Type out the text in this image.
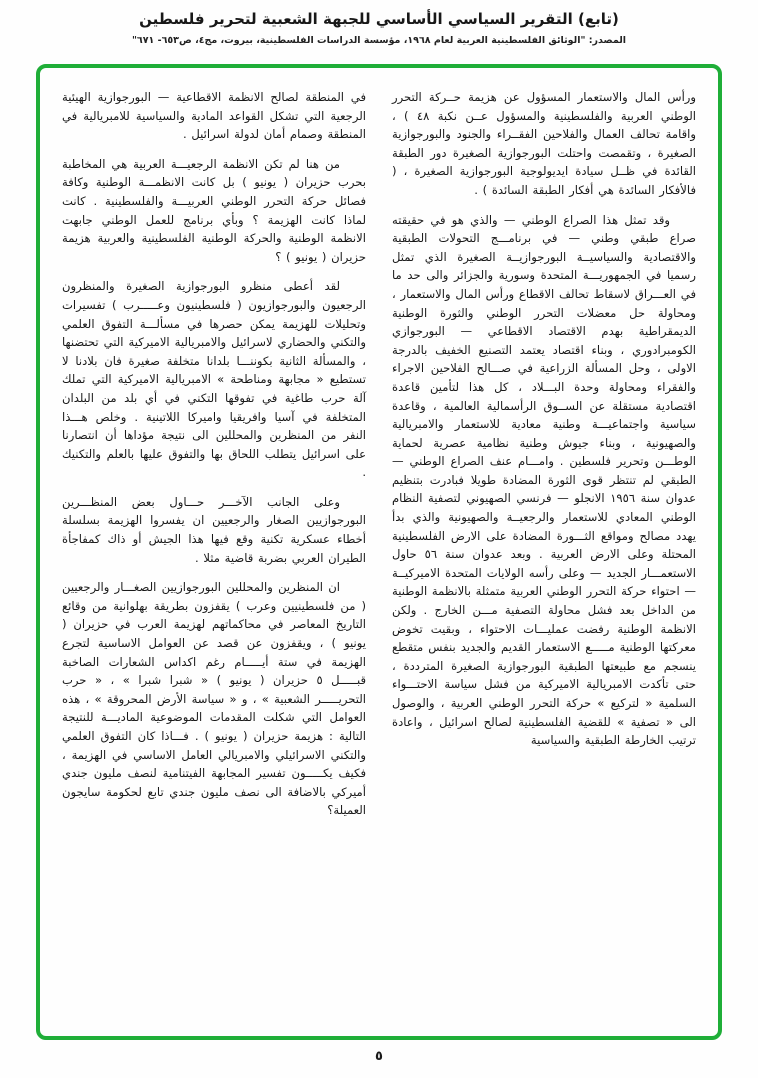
(تابع) التقرير السياسي الأساسي للجبهة الشعبية لتحرير فلسطين
المصدر: "الوثائق الفلسطينية العربية لعام ١٩٦٨، مؤسسة الدراسات الفلسطينية، بيروت، مج٤، ص٦٥٣- ٦٧١"

ورأس المال والاستعمار المسؤول عن هزيمة حــركة التحرر الوطني العربية والفلسطينية والمسؤول عــن نكبة ٤٨ ) ، واقامة تحالف العمال والفلاحين الفقــراء والجنود والبورجوازية الصغيرة ، وتقمصت واحتلت البورجوازية الصغيرة دور الطبقة القائدة في ظــل سيادة ايديولوجية البورجوازية الصغيرة ، ( فالأفكار السائدة هي أفكار الطبقة السائدة ) .

وقد تمثل هذا الصراع الوطني — والذي هو في حقيقته صراع طبقي وطني — في برنامـــج التحولات الطبقية والاقتصادية والسياسيــة البورجوازيــة الصغيرة الذي تمثل رسميا في الجمهوريـــة المتحدة وسورية والجزائر والى حد ما في العـــراق لاسقاط تحالف الاقطاع ورأس المال والاستعمار ، ومحاولة حل معضلات التحرر الوطني والثورة الوطنية الديمقراطية بهدم الاقتصاد الاقطاعي — البورجوازي الكومبرادوري ، وبناء اقتصاد يعتمد التصنيع الخفيف بالدرجة الاولى ، وحل المسألة الزراعية في صـــالح الفلاحين الاجراء والفقراء ومحاولة وحدة البـــلاد ، كل هذا لتأمين قاعدة اقتصادية مستقلة عن الســوق الرأسمالية العالمية ، وقاعدة سياسية واجتماعيـــة وطنية معادية للاستعمار والامبريالية والصهيونية ، وبناء جيوش وطنية نظامية عصرية لحماية الوطـــن وتحرير فلسطين . وامـــام عنف الصراع الوطني — الطبقي لم تنتظر قوى الثورة المضادة طويلا فبادرت بتنظيم عدوان سنة ١٩٥٦ الانجلو — فرنسي الصهيوني لتصفية النظام الوطني المعادي للاستعمار والرجعيــة والصهيونية والذي بدأ يهدد مصالح ومواقع الثـــورة المضادة على الارض الفلسطينية المحتلة وعلى الارض العربية . وبعد عدوان سنة ٥٦ حاول الاستعمـــار الجديد — وعلى رأسه الولايات المتحدة الاميركيــة — احتواء حركة التحرر الوطني العربية متمثلة بالانظمة الوطنية من الداخل بعد فشل محاولة التصفية مـــن الخارج . ولكن الانظمة الوطنية رفضت عمليـــات الاحتواء ، وبقيت تخوض معركتها الوطنية مـــــع الاستعمار القديم والجديد بنفس متقطع ينسجم مع طبيعتها الطبقية البورجوازية الصغيرة المترددة ، حتى تأكدت الامبريالية الاميركية من فشل سياسة الاحتـــواء السلمية « لتركيع » حركة التحرر الوطني العربية ، والوصول الى « تصفية » للقضية الفلسطينية لصالح اسرائيل ، واعادة ترتيب الخارطة الطبقية والسياسية

في المنطقة لصالح الانظمة الاقطاعية — البورجوازية الهيئية الرجعية التي تشكل القواعد المادية والسياسية للامبريالية في المنطقة وصمام أمان لدولة اسرائيل .

من هنا لم تكن الانظمة الرجعيـــة العربية هي المخاطبة بحرب حزيران ( يونيو ) بل كانت الانظمـــة الوطنية وكافة فصائل حركة التحرر الوطني العربيـــة والفلسطينية . كانت لماذا كانت الهزيمة ؟ وبأي برنامج للعمل الوطني جابهت الانظمة الوطنية والحركة الوطنية الفلسطينية والعربية هزيمة حزيران ( يونيو ) ؟

لقد أعطى منظرو البورجوازية الصغيرة والمنظرون الرجعيون والبورجوازيون ( فلسطينيون وعـــــرب ) تفسيرات وتحليلات للهزيمة يمكن حصرها في مسألـــة التفوق العلمي والتكني والحضاري لاسرائيل والامبريالية الاميركية التي تحتضنها ، والمسألة الثانية بكوننـــا بلدانا متخلفة صغيرة فان بلادنا لا تستطيع « مجابهة ومناطحة » الامبريالية الاميركية التي تملك آلة حرب طاغية في تفوقها التكني في أي بلد من البلدان المتخلفة في آسيا وافريقيا واميركا اللاتينية . وخلص هـــذا النفر من المنظرين والمحللين الى نتيجة مؤداها أن انتصارنا على اسرائيل يتطلب اللحاق بها والتفوق عليها بالعلم والتكنيك .

وعلى الجانب الآخـــر حـــاول بعض المنظـــرين البورجوازيين الصغار والرجعيين ان يفسروا الهزيمة بسلسلة أخطاء عسكرية تكنية وقع فيها هذا الجيش أو ذاك كمفاجأة الطيران العربي بضربة قاضية مثلا .

ان المنظرين والمحللين البورجوازيين الصغـــار والرجعيين ( من فلسطينيين وعرب ) يقفزون بطريقة بهلوانية من وقائع التاريخ المعاصر في محاكماتهم لهزيمة العرب في حزيران ( يونيو ) ، ويقفزون عن قصد عن العوامل الاساسية لتجرع الهزيمة في ستة أيـــــام رغم اكداس الشعارات الصاخبة قبـــــل ٥ حزيران ( يونيو ) « شبرا شبرا » ، « حرب التحريـــــر الشعبية » ، و « سياسة الأرض المحروقة » ، هذه العوامل التي شكلت المقدمات الموضوعية الماديـــة للنتيجة التالية : هزيمة حزيران ( يونيو ) . فـــاذا كان التفوق العلمي والتكني الاسرائيلي والامبريالي العامل الاساسي في الهزيمة ، فكيف يكـــــون تفسير المجابهة الفيتنامية لنصف مليون جندي أميركي بالاضافة الى نصف مليون جندي تابع لحكومة سايجون العميلة؟

٥
